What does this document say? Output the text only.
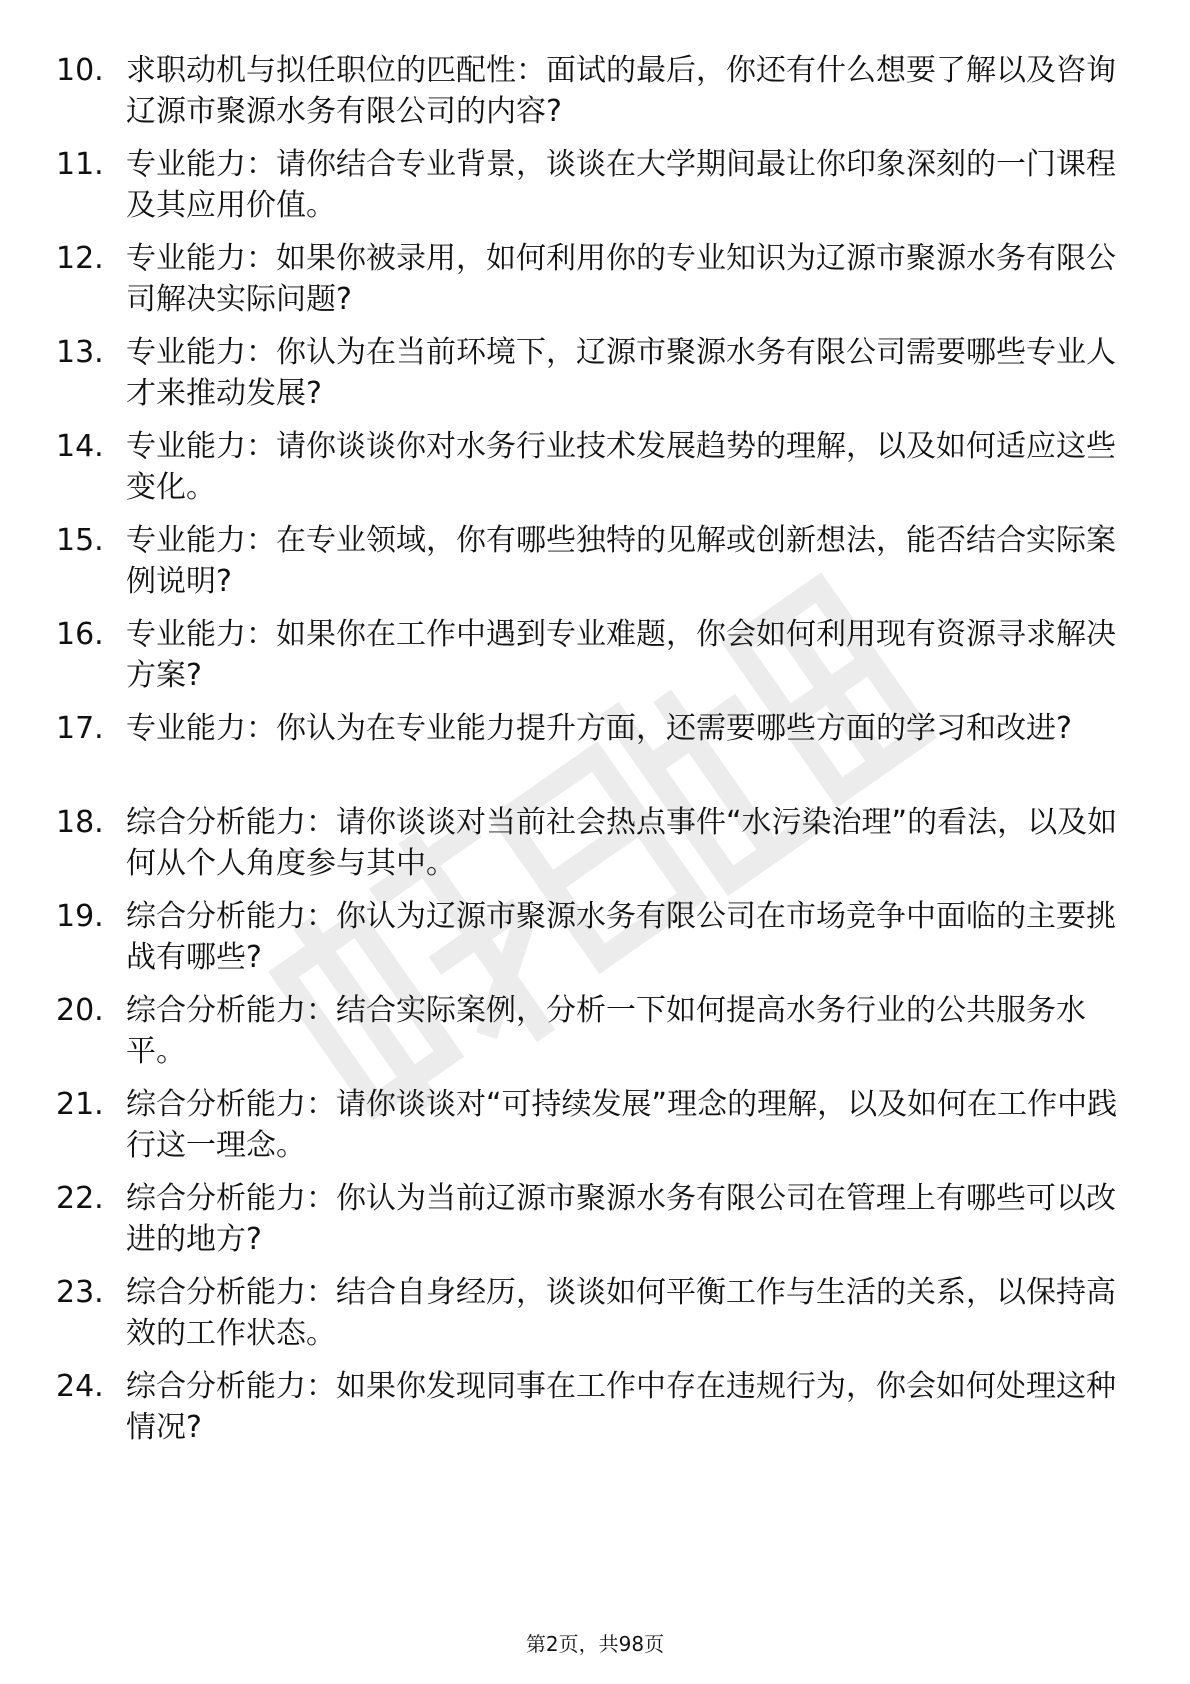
10. 求职动机与拟任职位的匹配性：面试的最后，你还有什么想要了解以及咨询辽源市聚源水务有限公司的内容?
11. 专业能力：请你结合专业背景，谈谈在大学期间最让你印象深刻的一门课程及其应用价值。
12. 专业能力：如果你被录用，如何利用你的专业知识为辽源市聚源水务有限公司解决实际问题?
13. 专业能力：你认为在当前环境下，辽源市聚源水务有限公司需要哪些专业人才来推动发展?
14. 专业能力：请你谈谈你对水务行业技术发展趋势的理解，以及如何适应这些变化。
15. 专业能力：在专业领域，你有哪些独特的见解或创新想法，能否结合实际案例说明?
16. 专业能力：如果你在工作中遇到专业难题，你会如何利用现有资源寻求解决方案?
17. 专业能力：你认为在专业能力提升方面，还需要哪些方面的学习和改进?
18. 综合分析能力：请你谈谈对当前社会热点事件“水污染治理”的看法，以及如何从个人角度参与其中。
19. 综合分析能力：你认为辽源市聚源水务有限公司在市场竞争中面临的主要挑战有哪些?
20. 综合分析能力：结合实际案例，分析一下如何提高水务行业的公共服务水平。
21. 综合分析能力：请你谈谈对“可持续发展”理念的理解，以及如何在工作中践行这一理念。
22. 综合分析能力：你认为当前辽源市聚源水务有限公司在管理上有哪些可以改进的地方?
23. 综合分析能力：结合自身经历，谈谈如何平衡工作与生活的关系，以保持高效的工作状态。
24. 综合分析能力：如果你发现同事在工作中存在违规行为，你会如何处理这种情况?
第2页，共98页
